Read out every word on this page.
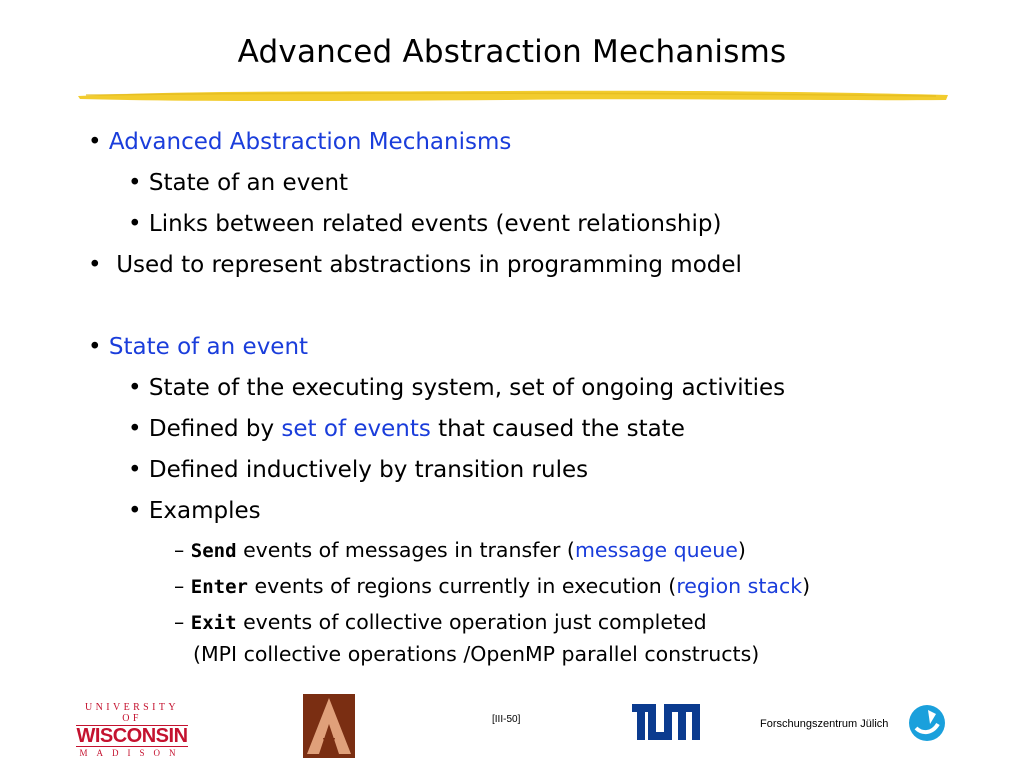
Advanced Abstraction Mechanisms
• Advanced Abstraction Mechanisms
• State of an event
• Links between related events (event relationship)
• Used to represent abstractions in programming model
• State of an event
• State of the executing system, set of ongoing activities
• Defined by set of events that caused the state
• Defined inductively by transition rules
• Examples
– Send events of messages in transfer (message queue)
– Enter events of regions currently in execution (region stack)
– Exit events of collective operation just completed
(MPI collective operations /OpenMP parallel constructs)
UNIVERSITY OF
WISCONSIN
MADISON
[III-50]	Forschungszentrum Jülich
